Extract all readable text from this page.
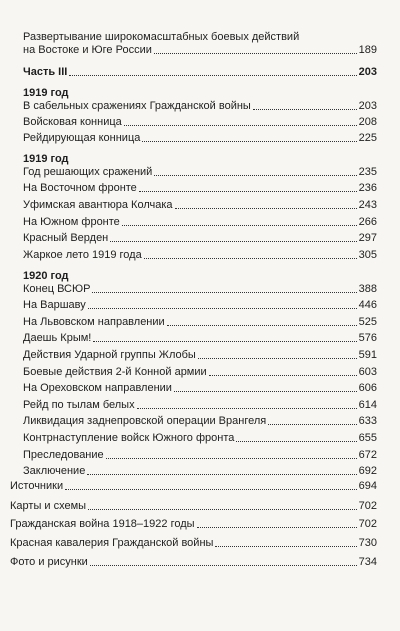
Развертывание широкомасштабных боевых действий
на Востоке и Юге России	189
Часть III	203
1919 год
В сабельных сражениях Гражданской войны	203
Войсковая конница	208
Рейдирующая конница	225
1919 год
Год решающих сражений	235
На Восточном фронте	236
Уфимская авантюра Колчака	243
На Южном фронте	266
Красный Верден	297
Жаркое лето 1919 года	305
1920 год
Конец ВСЮР	388
На Варшаву	446
На Львовском направлении	525
Даешь Крым!	576
Действия Ударной группы Жлобы	591
Боевые действия 2-й Конной армии	603
На Ореховском направлении	606
Рейд по тылам белых	614
Ликвидация заднепровской операции Врангеля	633
Контрнаступление войск Южного фронта	655
Преследование	672
Заключение	692
Источники	694
Карты и схемы	702
Гражданская война 1918–1922 годы	702
Красная кавалерия Гражданской войны	730
Фото и рисунки	734
